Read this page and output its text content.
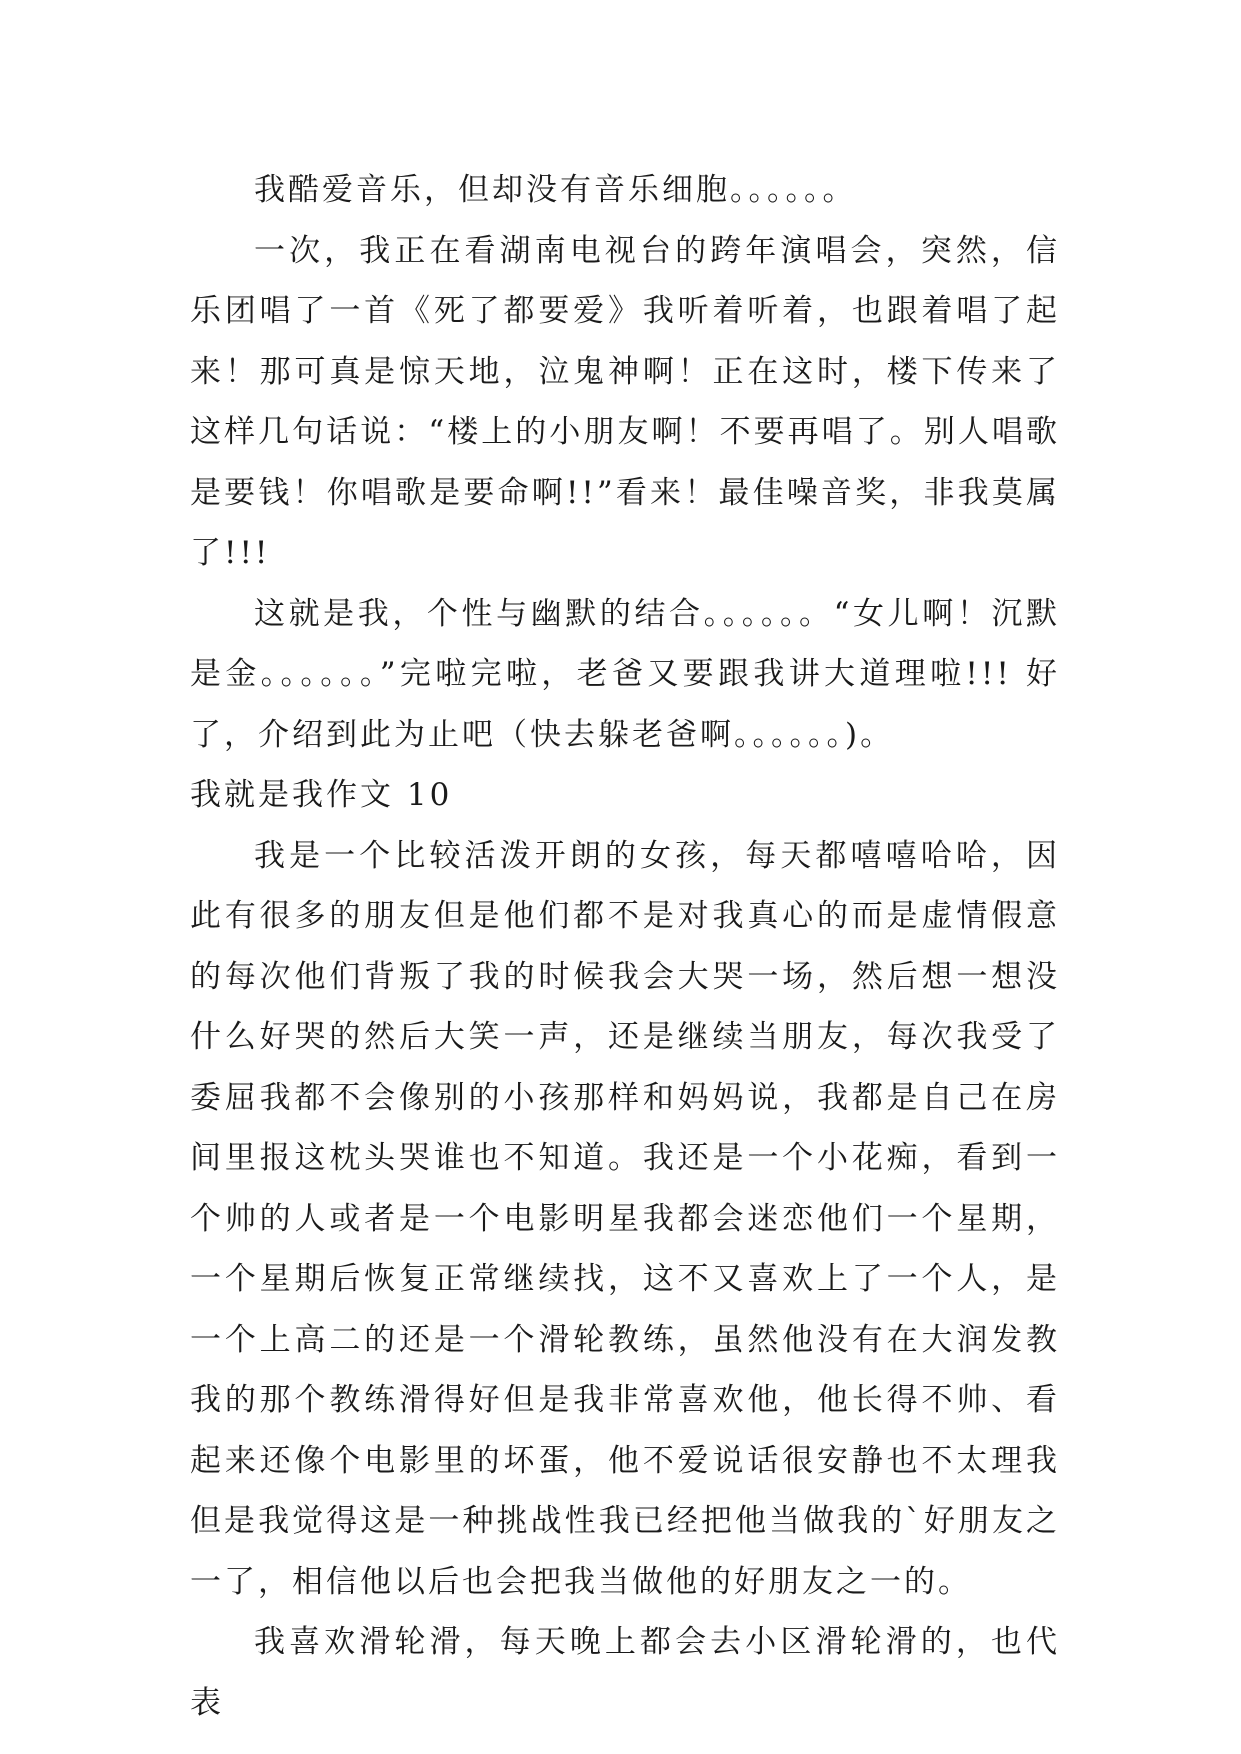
我酷爱音乐，但却没有音乐细胞。。。。。。

一次，我正在看湖南电视台的跨年演唱会，突然，信乐团唱了一首《死了都要爱》我听着听着，也跟着唱了起来！那可真是惊天地，泣鬼神啊！正在这时，楼下传来了这样几句话说：“楼上的小朋友啊！不要再唱了。别人唱歌是要钱！你唱歌是要命啊!!”看来！最佳噪音奖，非我莫属了!!!

这就是我，个性与幽默的结合。。。。。。“女儿啊！沉默是金。。。。。。”完啦完啦，老爸又要跟我讲大道理啦!!! 好了，介绍到此为止吧（快去躲老爸啊。。。。。。)。

我就是我作文 10

我是一个比较活泼开朗的女孩，每天都嘻嘻哈哈，因此有很多的朋友但是他们都不是对我真心的而是虚情假意的每次他们背叛了我的时候我会大哭一场，然后想一想没什么好哭的然后大笑一声，还是继续当朋友，每次我受了委屈我都不会像别的小孩那样和妈妈说，我都是自己在房间里报这枕头哭谁也不知道。我还是一个小花痴，看到一个帅的人或者是一个电影明星我都会迷恋他们一个星期，一个星期后恢复正常继续找，这不又喜欢上了一个人，是一个上高二的还是一个滑轮教练，虽然他没有在大润发教我的那个教练滑得好但是我非常喜欢他，他长得不帅、看起来还像个电影里的坏蛋，他不爱说话很安静也不太理我但是我觉得这是一种挑战性我已经把他当做我的`好朋友之一了，相信他以后也会把我当做他的好朋友之一的。

我喜欢滑轮滑，每天晚上都会去小区滑轮滑的，也代表
